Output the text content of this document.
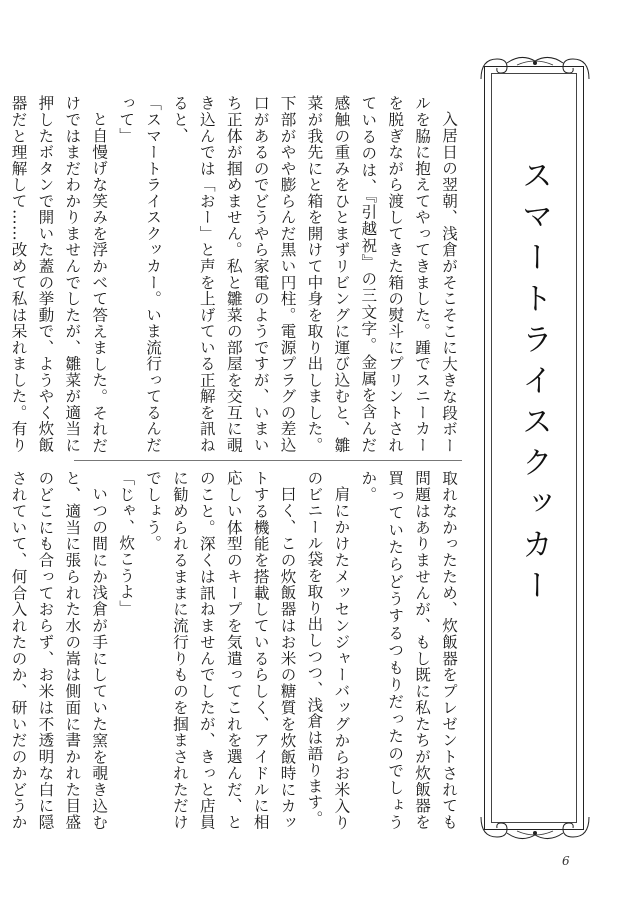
スマートライスクッカー

入居日の翌朝、浅倉がそこそこに大きな段ボールを脇に抱えてやってきました。踵でスニーカーを脱ぎながら渡してきた箱の熨斗にプリントされているのは、『引越祝』の三文字。金属を含んだ感触の重みをひとまずリビングに運び込むと、雛菜が我先にと箱を開けて中身を取り出しました。下部がやや膨らんだ黒い円柱。電源プラグの差込口があるのでどうやら家電のようですが、いまいち正体が掴めません。私と雛菜の部屋を交互に覗き込んでは「おー」と声を上げている正解を訊ねると、

「スマートライスクッカー。いま流行ってるんだって」

と自慢げな笑みを浮かべて答えました。それだけではまだわかりませんでしたが、雛菜が適当に押したボタンで開いた蓋の挙動で、ようやく炊飯器だと理解して……改めて私は呆れました。有り

取れなかったため、炊飯器をプレゼントされても問題はありませんが、もし既に私たちが炊飯器を買っていたらどうするつもりだったのでしょうか。

肩にかけたメッセンジャーバッグからお米入りのビニール袋を取り出しつつ、浅倉は語ります。

曰く、この炊飯器はお米の糖質を炊飯時にカットする機能を搭載しているらしく、アイドルに相応しい体型のキープを気遣ってこれを選んだ、とのこと。深くは訊ねませんでしたが、きっと店員に勧められるままに流行りものを掴まされただけでしょう。

「じゃ、炊こうよ」

いつの間にか浅倉が手にしていた窯を覗き込むと、適当に張られた水の嵩は側面に書かれた目盛のどこにも合っておらず、お米は不透明な白に隠されていて、何合入れたのか、研いだのかどうか

6
